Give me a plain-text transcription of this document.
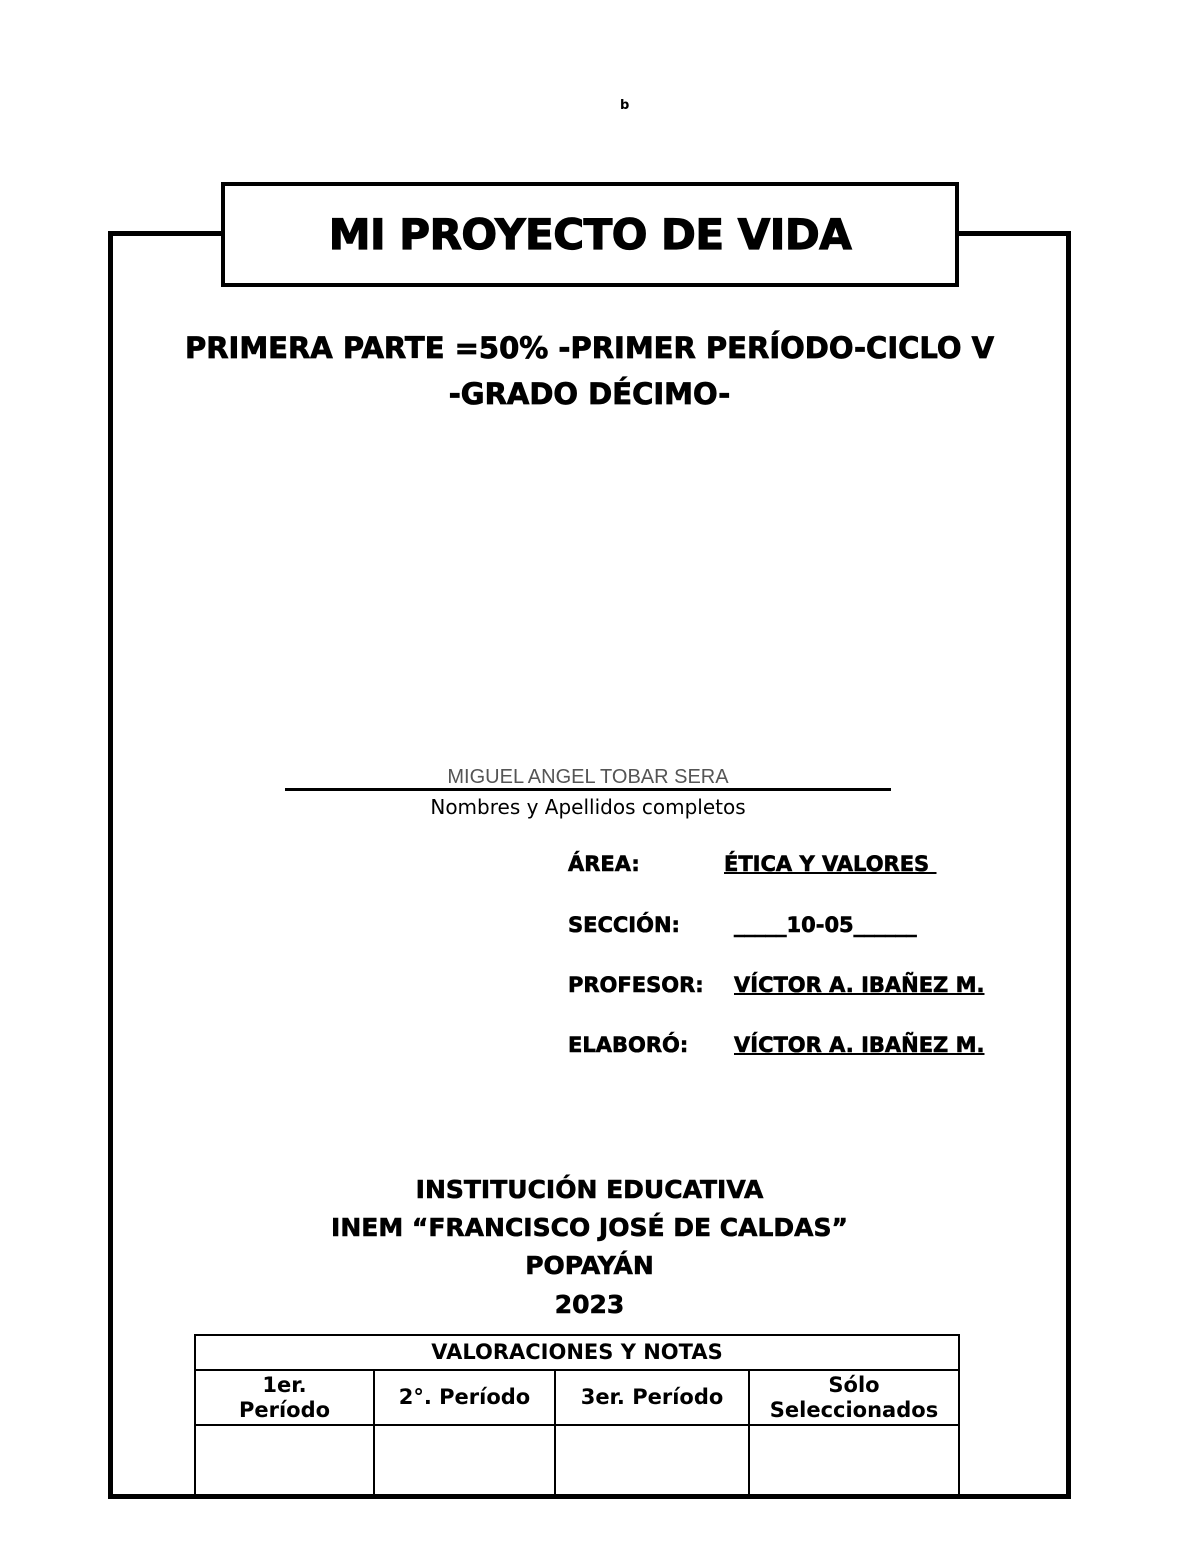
b
MI PROYECTO DE VIDA
PRIMERA PARTE =50% -PRIMER PERÍODO-CICLO V
-GRADO DÉCIMO-
MIGUEL ANGEL TOBAR SERA
Nombres y Apellidos completos
ÁREA:	ÉTICA Y VALORES
SECCIÓN:	_____10-05______
PROFESOR: VÍCTOR A. IBAÑEZ M.
ELABORÓ: VÍCTOR A. IBAÑEZ M.
INSTITUCIÓN EDUCATIVA
INEM “FRANCISCO JOSÉ DE CALDAS”
POPAYÁN
2023
VALORACIONES Y NOTAS			
1er. Período	2°. Período	3er. Período	Sólo Seleccionados
